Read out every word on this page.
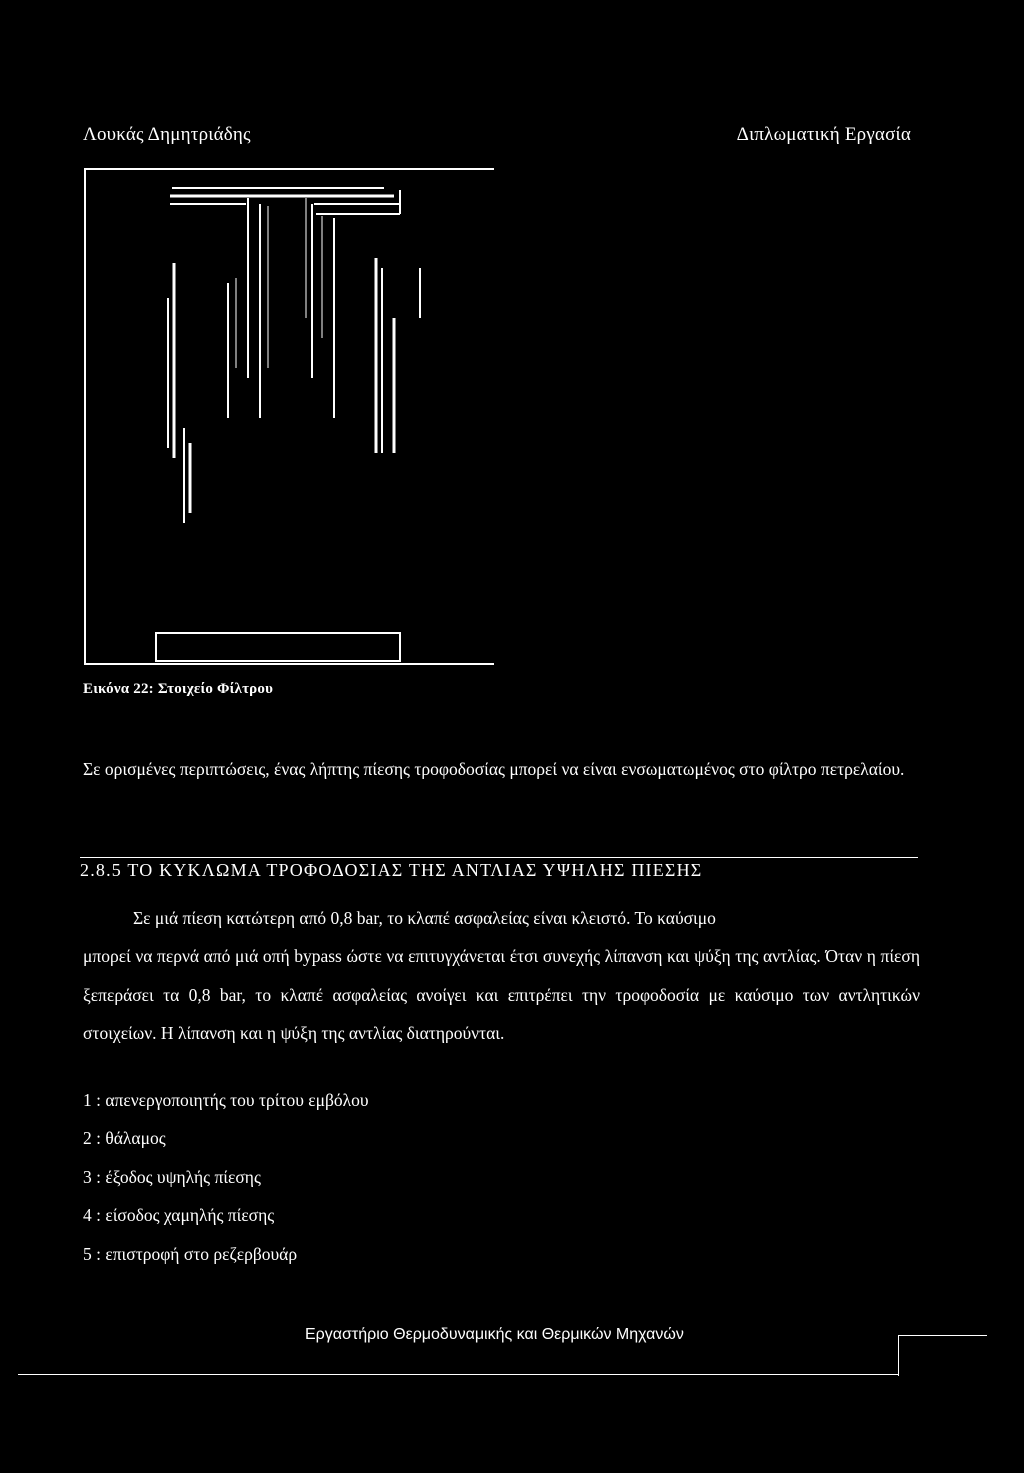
Λουκάς Δημητριάδης	Διπλωματική Εργασία
Εικόνα 22: Στοιχείο Φίλτρου
Σε ορισμένες περιπτώσεις, ένας λήπτης πίεσης τροφοδοσίας μπορεί να είναι ενσωματωμένος στο φίλτρο πετρελαίου.
2.8.5 ΤΟ ΚΥΚΛΩΜΑ ΤΡΟΦΟΔΟΣΙΑΣ ΤΗΣ ΑΝΤΛΙΑΣ ΥΨΗΛΗΣ ΠΙΕΣΗΣ

Σε μιά πίεση κατώτερη από 0,8 bar, το κλαπέ ασφαλείας είναι κλειστό. Το καύσιμο
μπορεί να περνά από μιά οπή bypass ώστε να επιτυγχάνεται έτσι συνεχής λίπανση και ψύξη της αντλίας. Όταν η πίεση ξεπεράσει τα 0,8 bar, το κλαπέ ασφαλείας ανοίγει και επιτρέπει την τροφοδοσία με καύσιμο των αντλητικών στοιχείων. Η λίπανση και η ψύξη της αντλίας διατηρούνται.

1 : απενεργοποιητής του τρίτου εμβόλου
2 : θάλαμος
3 : έξοδος υψηλής πίεσης
4 : είσοδος χαμηλής πίεσης
5 : επιστροφή στο ρεζερβουάρ
Εργαστήριο Θερμοδυναμικής και Θερμικών Μηχανών
